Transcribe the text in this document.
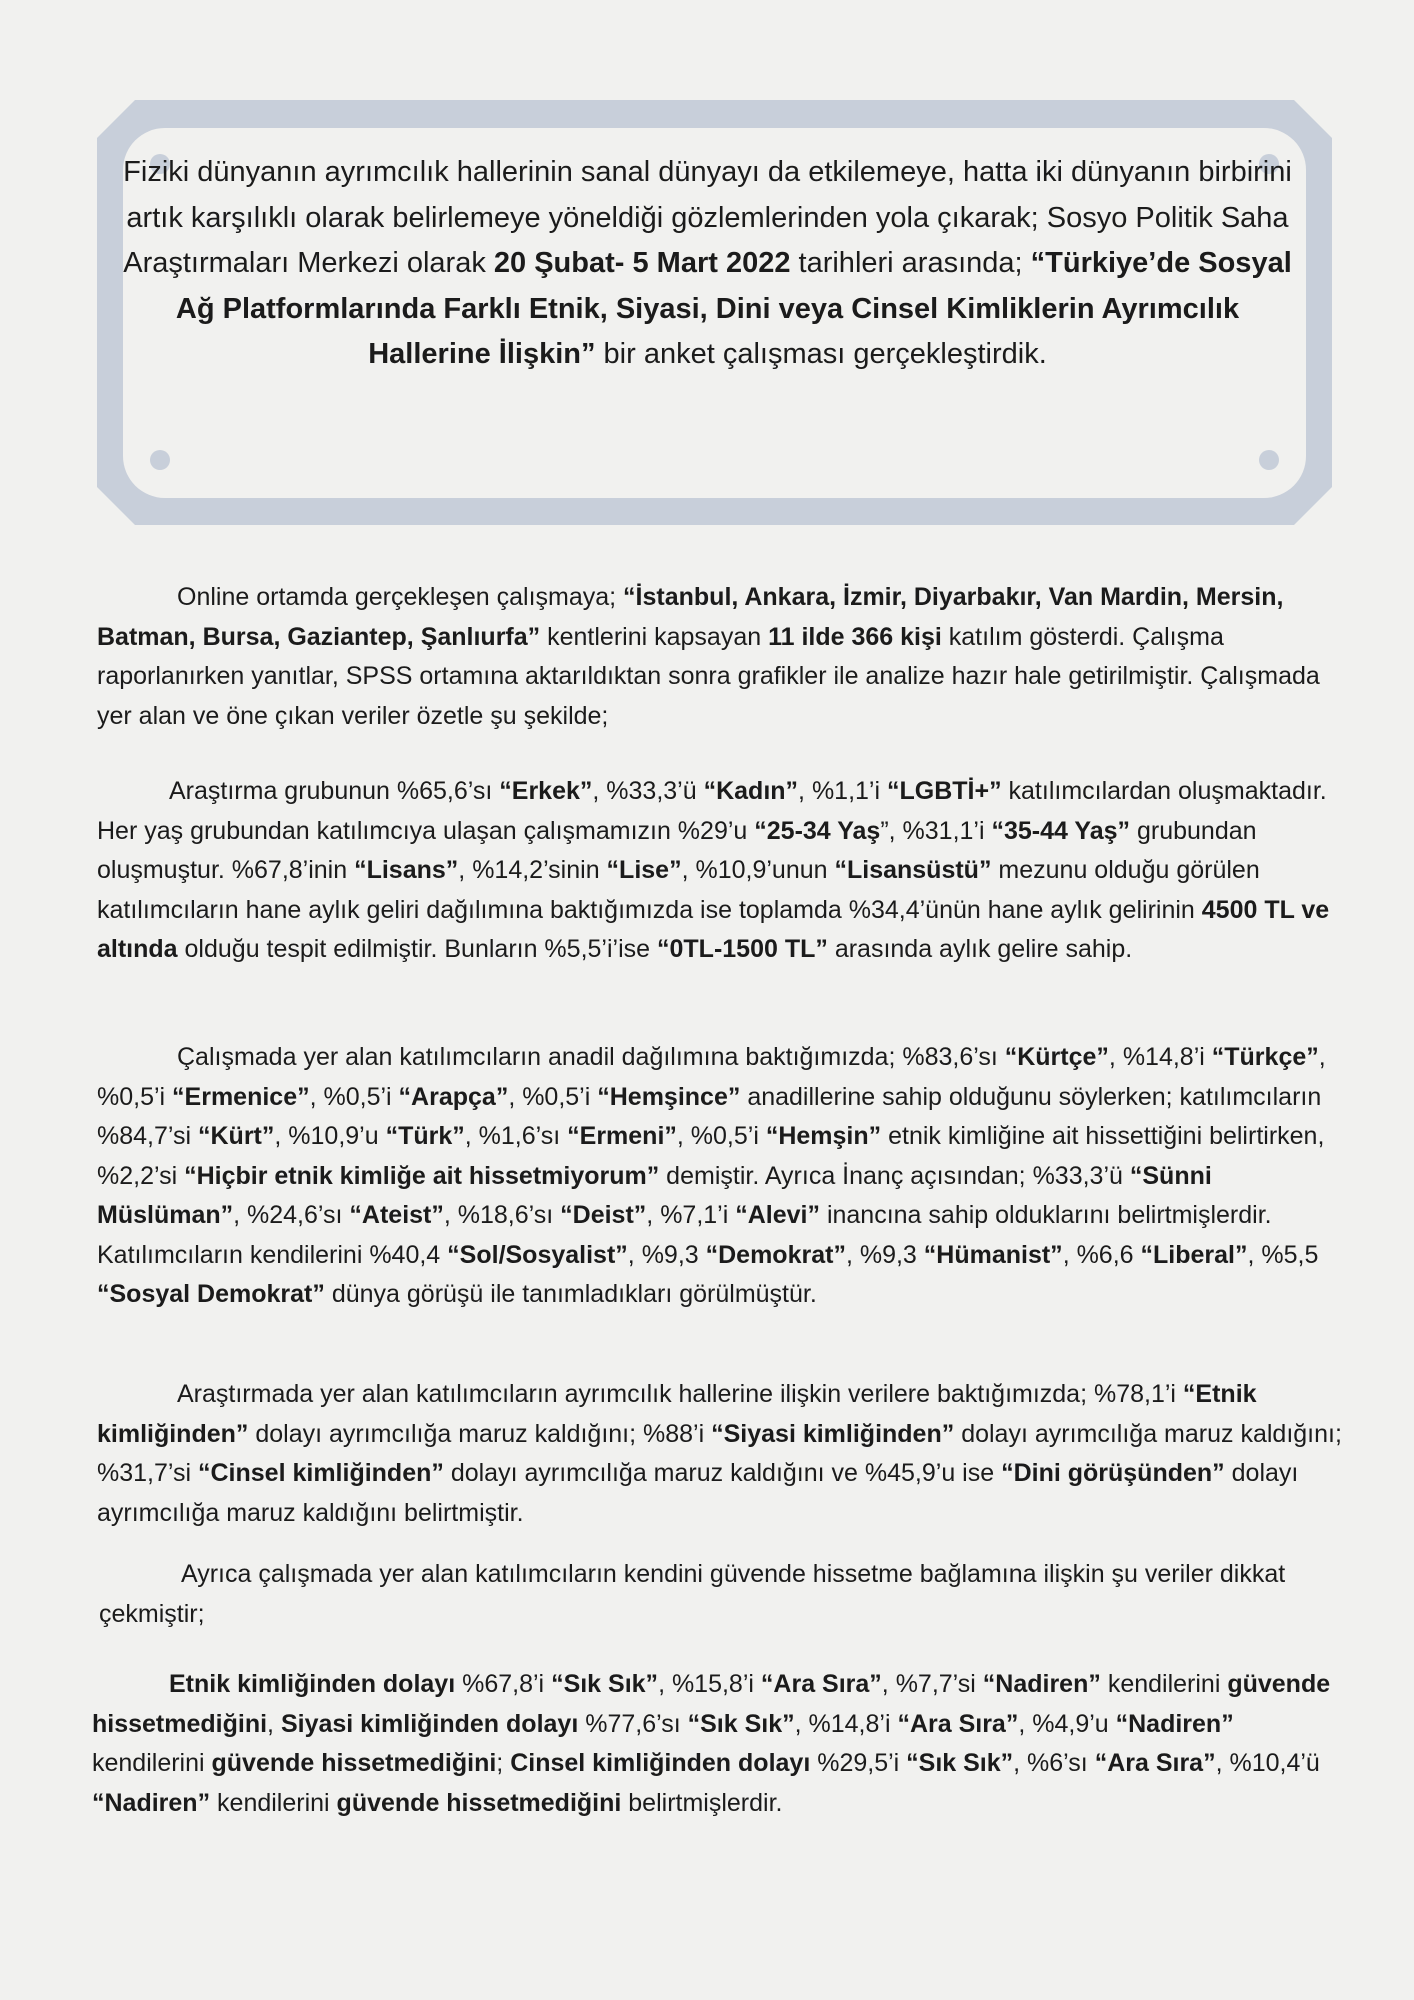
Fiziki dünyanın ayrımcılık hallerinin sanal dünyayı da etkilemeye, hatta iki dünyanın birbirini artık karşılıklı olarak belirlemeye yöneldiği gözlemlerinden yola çıkarak; Sosyo Politik Saha Araştırmaları Merkezi olarak 20 Şubat- 5 Mart 2022 tarihleri arasında; “Türkiye’de Sosyal Ağ Platformlarında Farklı Etnik, Siyasi, Dini veya Cinsel Kimliklerin Ayrımcılık Hallerine İlişkin” bir anket çalışması gerçekleştirdik.

Online ortamda gerçekleşen çalışmaya; “İstanbul, Ankara, İzmir, Diyarbakır, Van Mardin, Mersin, Batman, Bursa, Gaziantep, Şanlıurfa” kentlerini kapsayan 11 ilde 366 kişi katılım gösterdi. Çalışma raporlanırken yanıtlar, SPSS ortamına aktarıldıktan sonra grafikler ile analize hazır hale getirilmiştir. Çalışmada yer alan ve öne çıkan veriler özetle şu şekilde;

Araştırma grubunun %65,6’sı “Erkek”, %33,3’ü “Kadın”, %1,1’i “LGBTİ+” katılımcılardan oluşmaktadır. Her yaş grubundan katılımcıya ulaşan çalışmamızın %29’u “25-34 Yaş”, %31,1’i “35-44 Yaş” grubundan oluşmuştur. %67,8’inin “Lisans”, %14,2’sinin “Lise”, %10,9’unun “Lisansüstü” mezunu olduğu görülen katılımcıların hane aylık geliri dağılımına baktığımızda ise toplamda %34,4’ünün hane aylık gelirinin 4500 TL ve altında olduğu tespit edilmiştir. Bunların %5,5’i’ise “0TL-1500 TL” arasında aylık gelire sahip.

Çalışmada yer alan katılımcıların anadil dağılımına baktığımızda; %83,6’sı “Kürtçe”, %14,8’i “Türkçe”, %0,5’i “Ermenice”, %0,5’i “Arapça”, %0,5’i “Hemşince” anadillerine sahip olduğunu söylerken; katılımcıların %84,7’si “Kürt”, %10,9’u “Türk”, %1,6’sı “Ermeni”, %0,5’i “Hemşin” etnik kimliğine ait hissettiğini belirtirken, %2,2’si “Hiçbir etnik kimliğe ait hissetmiyorum” demiştir. Ayrıca İnanç açısından; %33,3’ü “Sünni Müslüman”, %24,6’sı “Ateist”, %18,6’sı “Deist”, %7,1’i “Alevi” inancına sahip olduklarını belirtmişlerdir. Katılımcıların kendilerini %40,4 “Sol/Sosyalist”, %9,3 “Demokrat”, %9,3 “Hümanist”, %6,6 “Liberal”, %5,5 “Sosyal Demokrat” dünya görüşü ile tanımladıkları görülmüştür.

Araştırmada yer alan katılımcıların ayrımcılık hallerine ilişkin verilere baktığımızda; %78,1’i “Etnik kimliğinden” dolayı ayrımcılığa maruz kaldığını; %88’i “Siyasi kimliğinden” dolayı ayrımcılığa maruz kaldığını; %31,7’si “Cinsel kimliğinden” dolayı ayrımcılığa maruz kaldığını ve %45,9’u ise “Dini görüşünden” dolayı ayrımcılığa maruz kaldığını belirtmiştir.

Ayrıca çalışmada yer alan katılımcıların kendini güvende hissetme bağlamına ilişkin şu veriler dikkat çekmiştir;

Etnik kimliğinden dolayı %67,8’i “Sık Sık”, %15,8’i “Ara Sıra”, %7,7’si “Nadiren” kendilerini güvende hissetmediğini, Siyasi kimliğinden dolayı %77,6’sı “Sık Sık”, %14,8’i “Ara Sıra”, %4,9’u “Nadiren” kendilerini güvende hissetmediğini; Cinsel kimliğinden dolayı %29,5’i “Sık Sık”, %6’sı “Ara Sıra”, %10,4’ü “Nadiren” kendilerini güvende hissetmediğini belirtmişlerdir.
